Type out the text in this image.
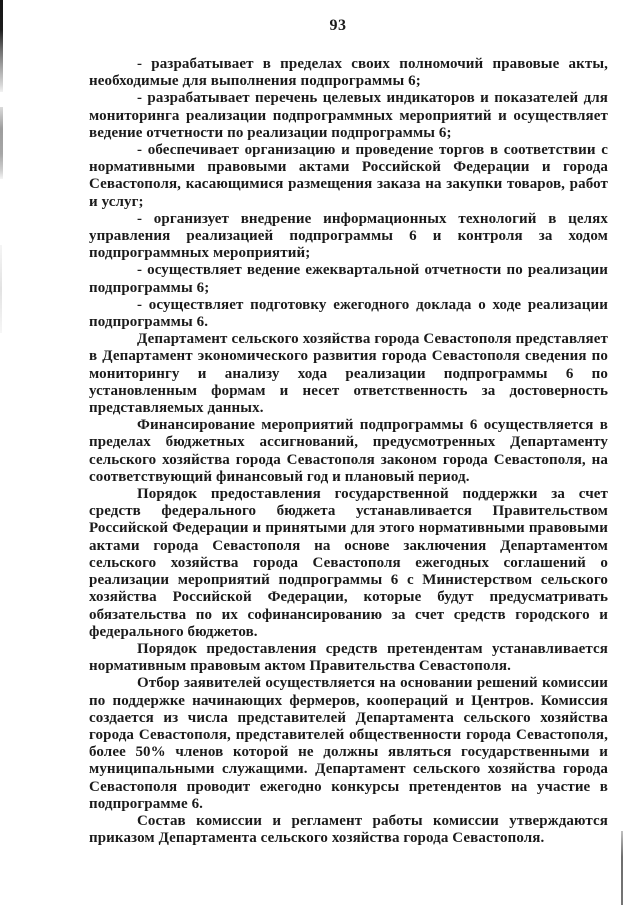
93

- разрабатывает в пределах своих полномочий правовые акты, необходимые для выполнения подпрограммы 6;

- разрабатывает перечень целевых индикаторов и показателей для мониторинга реализации подпрограммных мероприятий и осуществляет ведение отчетности по реализации подпрограммы 6;

- обеспечивает организацию и проведение торгов в соответствии с нормативными правовыми актами Российской Федерации и города Севастополя, касающимися размещения заказа на закупки товаров, работ и услуг;

- организует внедрение информационных технологий в целях управления реализацией подпрограммы 6 и контроля за ходом подпрограммных мероприятий;

- осуществляет ведение ежеквартальной отчетности по реализации подпрограммы 6;

- осуществляет подготовку ежегодного доклада о ходе реализации подпрограммы 6.

Департамент сельского хозяйства города Севастополя представляет в Департамент экономического развития города Севастополя сведения по мониторингу и анализу хода реализации подпрограммы 6 по установленным формам и несет ответственность за достоверность представляемых данных.

Финансирование мероприятий подпрограммы 6 осуществляется в пределах бюджетных ассигнований, предусмотренных Департаменту сельского хозяйства города Севастополя законом города Севастополя, на соответствующий финансовый год и плановый период.

Порядок предоставления государственной поддержки за счет средств федерального бюджета устанавливается Правительством Российской Федерации и принятыми для этого нормативными правовыми актами города Севастополя на основе заключения Департаментом сельского хозяйства города Севастополя ежегодных соглашений о реализации мероприятий подпрограммы 6 с Министерством сельского хозяйства Российской Федерации, которые будут предусматривать обязательства по их софинансированию за счет средств городского и федерального бюджетов.

Порядок предоставления средств претендентам устанавливается нормативным правовым актом Правительства Севастополя.

Отбор заявителей осуществляется на основании решений комиссии по поддержке начинающих фермеров, коопераций и Центров. Комиссия создается из числа представителей Департамента сельского хозяйства города Севастополя, представителей общественности города Севастополя, более 50% членов которой не должны являться государственными и муниципальными служащими. Департамент сельского хозяйства города Севастополя проводит ежегодно конкурсы претендентов на участие в подпрограмме 6.

Состав комиссии и регламент работы комиссии утверждаются приказом Департамента сельского хозяйства города Севастополя.
